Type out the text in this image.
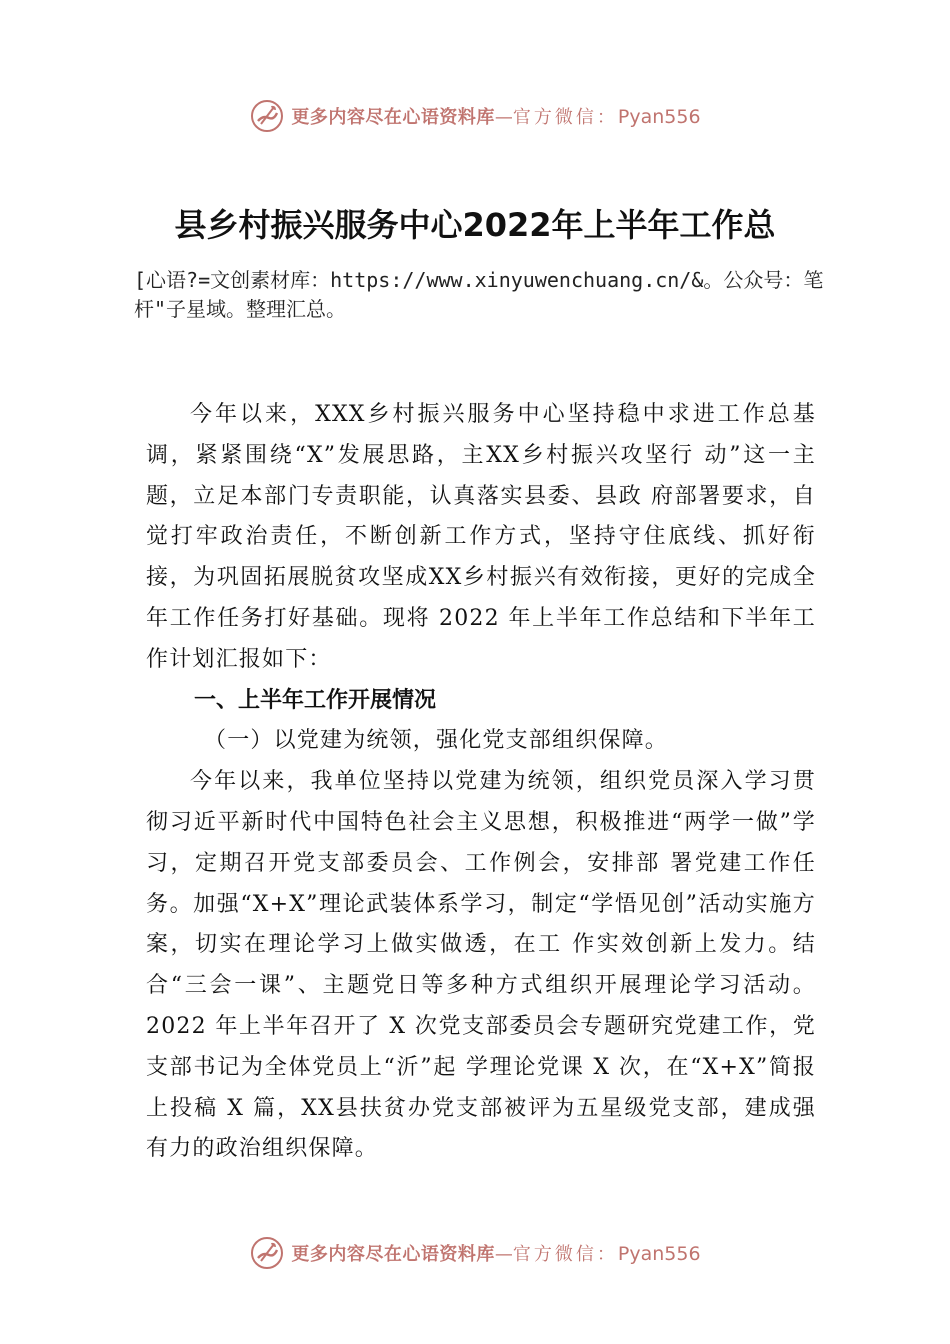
更多内容尽在心语资料库—官方微信：Pyan556
县乡村振兴服务中心2022年上半年工作总

[心语?=文创素材库：https://www.xinyuwenchuang.cn/&。公众号：笔杆"子星域。整理汇总。

今年以来，XXX乡村振兴服务中心坚持稳中求进工作总基调，紧紧围绕“X”发展思路，主XX乡村振兴攻坚行 动”这一主题，立足本部门专责职能，认真落实县委、县政 府部署要求，自觉打牢政治责任，不断创新工作方式，坚持守住底线、抓好衔接，为巩固拓展脱贫攻坚成XX乡村振兴有效衔接，更好的完成全年工作任务打好基础。现将 2022 年上半年工作总结和下半年工作计划汇报如下：

一、上半年工作开展情况

（一）以党建为统领，强化党支部组织保障。

今年以来，我单位坚持以党建为统领，组织党员深入学习贯彻习近平新时代中国特色社会主义思想，积极推进“两学一做”学习，定期召开党支部委员会、工作例会，安排部 署党建工作任务。加强“X+X”理论武装体系学习，制定“学悟见创”活动实施方案，切实在理论学习上做实做透，在工 作实效创新上发力。结合“三会一课”、主题党日等多种方式组织开展理论学习活动。2022 年上半年召开了 X 次党支部委员会专题研究党建工作，党支部书记为全体党员上“沂”起 学理论党课 X 次，在“X+X”简报上投稿 X 篇，XX县扶贫办党支部被评为五星级党支部，建成强有力的政治组织保障。

更多内容尽在心语资料库—官方微信：Pyan556
